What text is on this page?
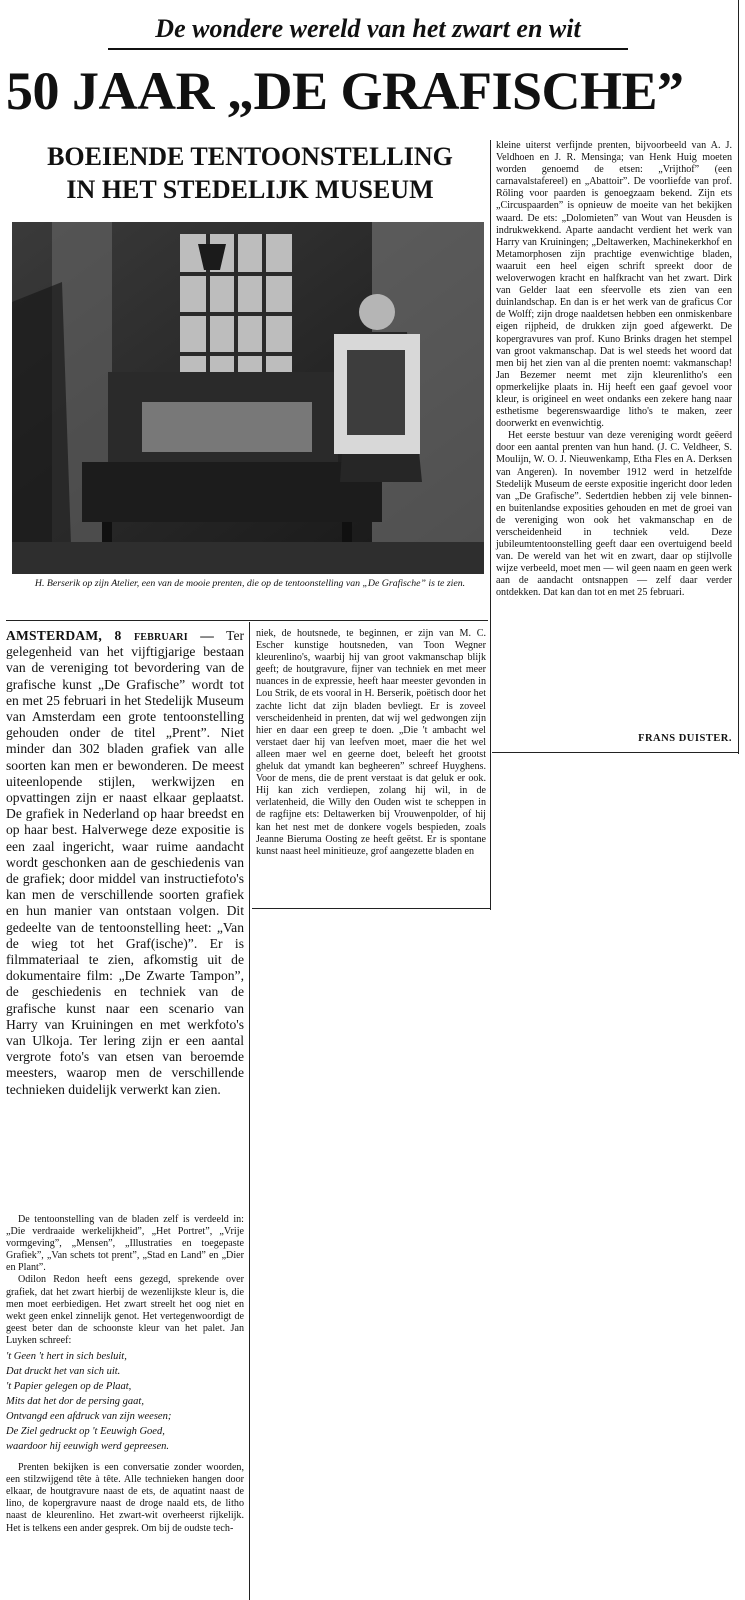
De wondere wereld van het zwart en wit
50 JAAR „DE GRAFISCHE”
BOEIENDE TENTOONSTELLING
IN HET STEDELIJK MUSEUM
H. Berserik op zijn Atelier, een van de mooie prenten, die op de tentoonstelling van „De Grafische” is te zien.

AMSTERDAM, 8 februari — Ter gelegenheid van het vijftigjarige bestaan van de vereniging tot bevordering van de grafische kunst „De Grafische” wordt tot en met 25 februari in het Stedelijk Museum van Amsterdam een grote tentoonstelling gehouden onder de titel „Prent”. Niet minder dan 302 bladen grafiek van alle soorten kan men er bewonderen. De meest uiteenlopende stijlen, werkwijzen en opvattingen zijn er naast elkaar geplaatst. De grafiek in Nederland op haar breedst en op haar best. Halverwege deze expositie is een zaal ingericht, waar ruime aandacht wordt geschonken aan de geschiedenis van de grafiek; door middel van instructiefoto's kan men de verschillende soorten grafiek en hun manier van ontstaan volgen. Dit gedeelte van de tentoonstelling heet: „Van de wieg tot het Graf(ische)”. Er is filmmateriaal te zien, afkomstig uit de dokumentaire film: „De Zwarte Tampon”, de geschiedenis en techniek van de grafische kunst naar een scenario van Harry van Kruiningen en met werkfoto's van Ulkoja. Ter lering zijn er een aantal vergrote foto's van etsen van beroemde meesters, waarop men de verschillende technieken duidelijk verwerkt kan zien.

De tentoonstelling van de bladen zelf is verdeeld in: „Die verdraaide werkelijkheid”, „Het Portret”, „Vrije vormgeving”, „Mensen”, „Illustraties en toegepaste Grafiek”, „Van schets tot prent”, „Stad en Land” en „Dier en Plant”.

Odilon Redon heeft eens gezegd, sprekende over grafiek, dat het zwart hierbij de wezenlijkste kleur is, die men moet eerbiedigen. Het zwart streelt het oog niet en wekt geen enkel zinnelijk genot. Het vertegenwoordigt de geest beter dan de schoonste kleur van het palet. Jan Luyken schreef:

't Geen 't hert in sich besluit,
Dat druckt het van sich uit.
't Papier gelegen op de Plaat,
Mits dat het dor de persing gaat,
Ontvangd een afdruck van zijn weesen;
De Ziel gedruckt op 't Eeuwigh Goed,
waardoor hij eeuwigh werd gepreesen.

Prenten bekijken is een conversatie zonder woorden, een stilzwijgend tête à tête. Alle technieken hangen door elkaar, de houtgravure naast de ets, de aquatint naast de lino, de kopergravure naast de droge naald ets, de litho naast de kleurenlino. Het zwart-wit overheerst rijkelijk. Het is telkens een ander gesprek. Om bij de oudste tech-

niek, de houtsnede, te beginnen, er zijn van M. C. Escher kunstige houtsneden, van Toon Wegner kleurenlino's, waarbij hij van groot vakmanschap blijk geeft; de houtgravure, fijner van techniek en met meer nuances in de expressie, heeft haar meester gevonden in Lou Strik, de ets vooral in H. Berserik, poëtisch door het zachte licht dat zijn bladen bevliegt. Er is zoveel verscheidenheid in prenten, dat wij wel gedwongen zijn hier en daar een greep te doen. „Die 't ambacht wel verstaet daer hij van leefven moet, maer die het wel alleen maer wel en geerne doet, beleeft het grootst gheluk dat ymandt kan begheeren” schreef Huyghens. Voor de mens, die de prent verstaat is dat geluk er ook. Hij kan zich verdiepen, zolang hij wil, in de verlatenheid, die Willy den Ouden wist te scheppen in de ragfijne ets: Deltawerken bij Vrouwenpolder, of hij kan het nest met de donkere vogels bespieden, zoals Jeanne Bieruma Oosting ze heeft geëtst. Er is spontane kunst naast heel minitieuze, grof aangezette bladen en

kleine uiterst verfijnde prenten, bijvoorbeeld van A. J. Veldhoen en J. R. Mensinga; van Henk Huig moeten worden genoemd de etsen: „Vrijthof” (een carnavalstafereel) en „Abattoir”. De voorliefde van prof. Röling voor paarden is genoegzaam bekend. Zijn ets „Circuspaarden” is opnieuw de moeite van het bekijken waard. De ets: „Dolomieten” van Wout van Heusden is indrukwekkend. Aparte aandacht verdient het werk van Harry van Kruiningen; „Deltawerken, Machinekerkhof en Metamorphosen zijn prachtige evenwichtige bladen, waaruit een heel eigen schrift spreekt door de weloverwogen kracht en halfkracht van het zwart. Dirk van Gelder laat een sfeervolle ets zien van een duinlandschap. En dan is er het werk van de graficus Cor de Wolff; zijn droge naaldetsen hebben een onmiskenbare eigen rijpheid, de drukken zijn goed afgewerkt. De kopergravures van prof. Kuno Brinks dragen het stempel van groot vakmanschap. Dat is wel steeds het woord dat men bij het zien van al die prenten noemt: vakmanschap! Jan Bezemer neemt met zijn kleurenlitho's een opmerkelijke plaats in. Hij heeft een gaaf gevoel voor kleur, is origineel en weet ondanks een zekere hang naar esthetisme begerenswaardige litho's te maken, zeer doorwerkt en evenwichtig.

Het eerste bestuur van deze vereniging wordt geëerd door een aantal prenten van hun hand. (J. C. Veldheer, S. Moulijn, W. O. J. Nieuwenkamp, Etha Fles en A. Derksen van Angeren). In november 1912 werd in hetzelfde Stedelijk Museum de eerste expositie ingericht door leden van „De Grafische”. Sedertdien hebben zij vele binnen- en buitenlandse exposities gehouden en met de groei van de vereniging won ook het vakmanschap en de verscheidenheid in techniek veld. Deze jubileumtentoonstelling geeft daar een overtuigend beeld van. De wereld van het wit en zwart, daar op stijlvolle wijze verbeeld, moet men — wil geen naam en geen werk aan de aandacht ontsnappen — zelf daar verder ontdekken. Dat kan dan tot en met 25 februari.

FRANS DUISTER.
